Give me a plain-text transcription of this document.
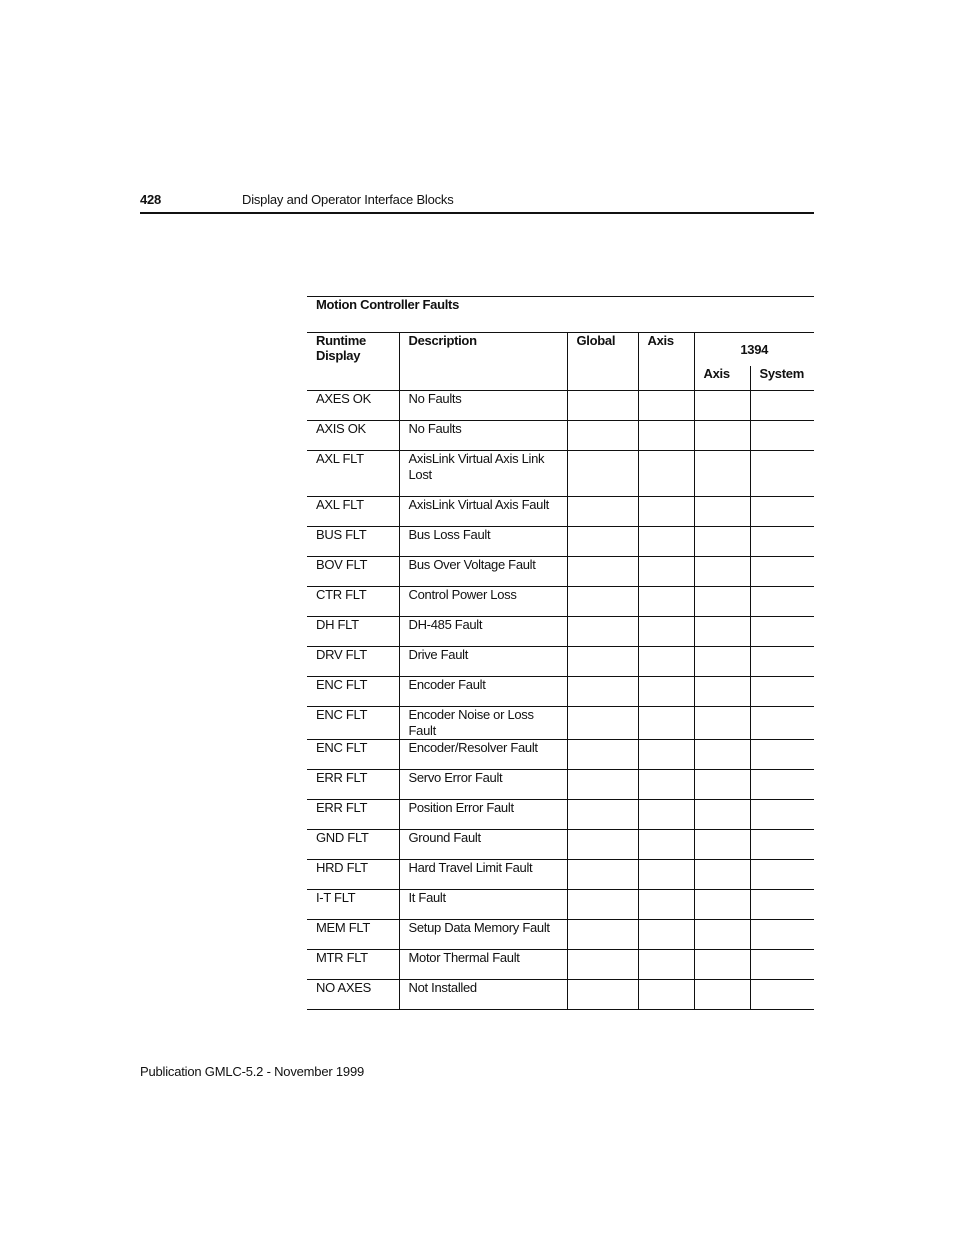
428	Display and Operator Interface Blocks
Motion Controller Faults					
Runtime Display	Description	Global	Axis	1394	
				Axis	System
AXES OK	No Faults				
AXIS OK	No Faults				
AXL FLT	AxisLink Virtual Axis Link Lost				
AXL FLT	AxisLink Virtual Axis Fault				
BUS FLT	Bus Loss Fault				
BOV FLT	Bus Over Voltage Fault				
CTR FLT	Control Power Loss				
DH FLT	DH-485 Fault				
DRV FLT	Drive Fault				
ENC FLT	Encoder Fault				
ENC FLT	Encoder Noise or Loss Fault				
ENC FLT	Encoder/Resolver Fault				
ERR FLT	Servo Error Fault				
ERR FLT	Position Error Fault				
GND FLT	Ground Fault				
HRD FLT	Hard Travel Limit Fault				
I-T FLT	It Fault				
MEM FLT	Setup Data Memory Fault				
MTR FLT	Motor Thermal Fault				
NO AXES	Not Installed				
Publication GMLC-5.2 - November 1999
